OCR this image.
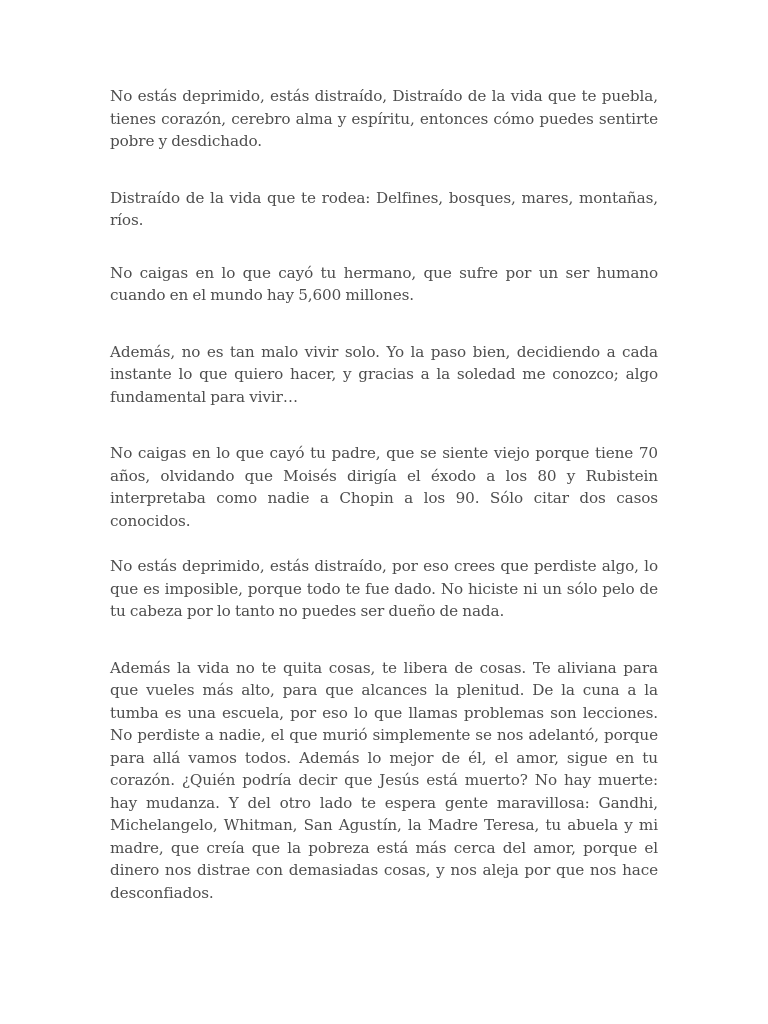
No estás deprimido, estás distraído, Distraído de la vida que te puebla, tienes corazón, cerebro alma y espíritu, entonces cómo puedes sentirte pobre y desdichado.

Distraído de la vida que te rodea: Delfines, bosques, mares, montañas, ríos.

No caigas en lo que cayó tu hermano, que sufre por un ser humano cuando en el mundo hay 5,600 millones.

Además, no es tan malo vivir solo. Yo la paso bien, decidiendo a cada instante lo que quiero hacer, y gracias a la soledad me conozco; algo fundamental para vivir…

No caigas en lo que cayó tu padre, que se siente viejo porque tiene 70 años, olvidando que Moisés dirigía el éxodo a los 80 y Rubistein interpretaba como nadie a Chopin a los 90. Sólo citar dos casos conocidos.

No estás deprimido, estás distraído, por eso crees que perdiste algo, lo que es imposible, porque todo te fue dado. No hiciste ni un sólo pelo de tu cabeza por lo tanto no puedes ser dueño de nada.

Además la vida no te quita cosas, te libera de cosas. Te aliviana para que vueles más alto, para que alcances la plenitud. De la cuna a la tumba es una escuela, por eso lo que llamas problemas son lecciones. No perdiste a nadie, el que murió simplemente se nos adelantó, porque para allá vamos todos. Además lo mejor de él, el amor, sigue en tu corazón. ¿Quién podría decir que Jesús está muerto? No hay muerte: hay mudanza. Y del otro lado te espera gente maravillosa: Gandhi, Michelangelo, Whitman, San Agustín, la Madre Teresa, tu abuela y mi madre, que creía que la pobreza está más cerca del amor, porque el dinero nos distrae con demasiadas cosas, y nos aleja por que nos hace desconfiados.
